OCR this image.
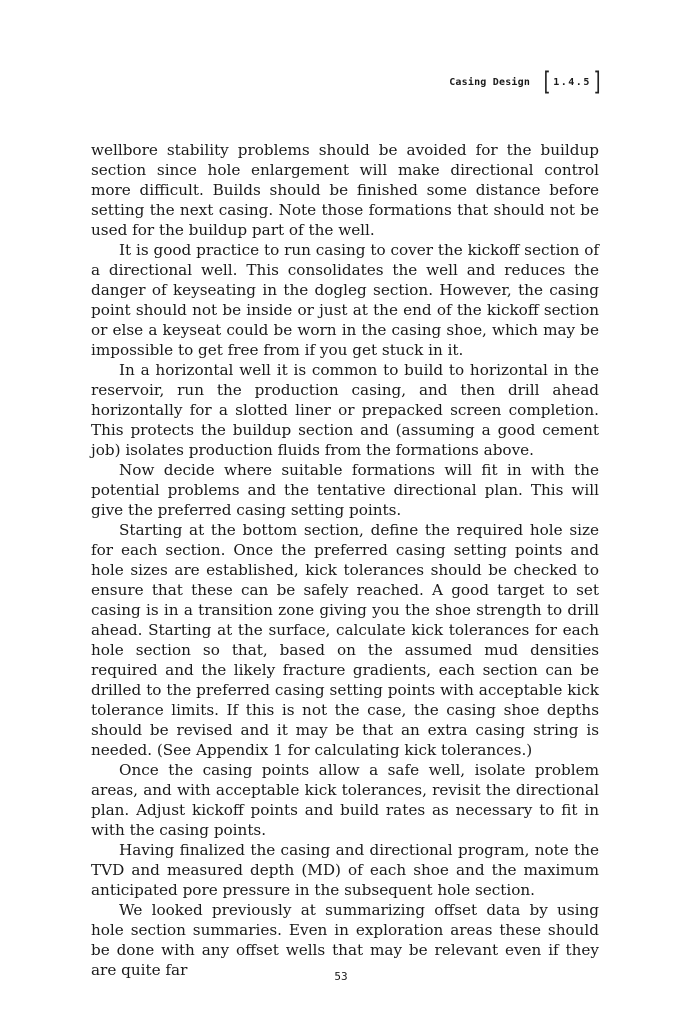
Casing Design [ 1.4.5 ]

wellbore stability problems should be avoided for the buildup section since hole enlargement will make directional control more difficult. Builds should be finished some distance before setting the next casing. Note those formations that should not be used for the buildup part of the well.

It is good practice to run casing to cover the kickoff section of a directional well. This consolidates the well and reduces the danger of keyseating in the dogleg section. However, the casing point should not be inside or just at the end of the kickoff section or else a keyseat could be worn in the casing shoe, which may be impossible to get free from if you get stuck in it.

In a horizontal well it is common to build to horizontal in the reservoir, run the production casing, and then drill ahead horizontally for a slotted liner or prepacked screen completion. This protects the buildup section and (assuming a good cement job) isolates production fluids from the formations above.

Now decide where suitable formations will fit in with the potential problems and the tentative directional plan. This will give the preferred casing setting points.

Starting at the bottom section, define the required hole size for each section. Once the preferred casing setting points and hole sizes are established, kick tolerances should be checked to ensure that these can be safely reached. A good target to set casing is in a transition zone giving you the shoe strength to drill ahead. Starting at the surface, calculate kick tolerances for each hole section so that, based on the assumed mud densities required and the likely fracture gradients, each section can be drilled to the preferred casing setting points with acceptable kick tolerance limits. If this is not the case, the casing shoe depths should be revised and it may be that an extra casing string is needed. (See Appendix 1 for calculating kick tolerances.)

Once the casing points allow a safe well, isolate problem areas, and with acceptable kick tolerances, revisit the directional plan. Adjust kickoff points and build rates as necessary to fit in with the casing points.

Having finalized the casing and directional program, note the TVD and measured depth (MD) of each shoe and the maximum anticipated pore pressure in the subsequent hole section.

We looked previously at summarizing offset data by using hole section summaries. Even in exploration areas these should be done with any offset wells that may be relevant even if they are quite far	53
